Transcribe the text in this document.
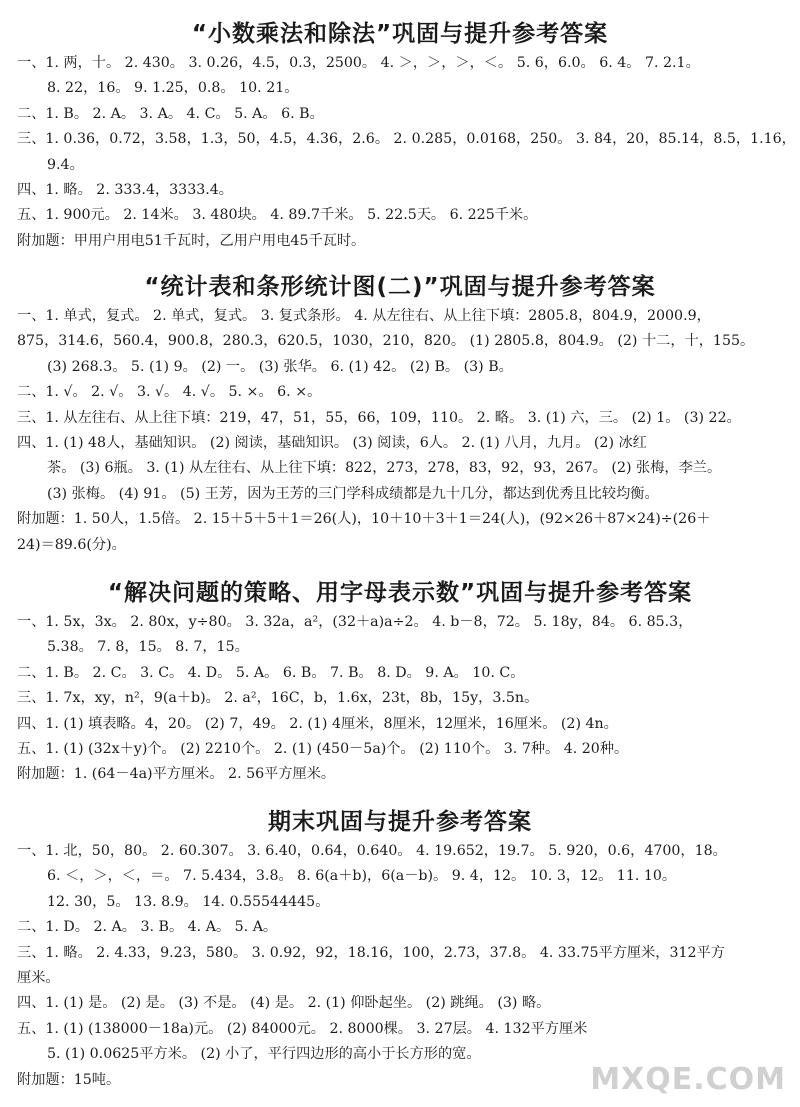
“小数乘法和除法”巩固与提升参考答案
一、1. 两，十。 2. 430。 3. 0.26，4.5，0.3，2500。 4. ＞，＞，＞，＜。 5. 6，6.0。 6. 4。 7. 2.1。
8. 22，16。 9. 1.25，0.8。 10. 21。
二、1. B。 2. A。 3. A。 4. C。 5. A。 6. B。
三、1. 0.36，0.72，3.58，1.3，50，4.5，4.36，2.6。 2. 0.285，0.0168，250。 3. 84，20，85.14，8.5，1.16，
9.4。
四、1. 略。 2. 333.4，3333.4。
五、1. 900元。 2. 14米。 3. 480块。 4. 89.7千米。 5. 22.5天。 6. 225千米。
附加题：甲用户用电51千瓦时，乙用户用电45千瓦时。
“统计表和条形统计图(二)”巩固与提升参考答案
一、1. 单式，复式。 2. 单式，复式。 3. 复式条形。 4. 从左往右、从上往下填：2805.8，804.9，2000.9，
875，314.6，560.4，900.8，280.3，620.5，1030，210，820。 (1) 2805.8，804.9。 (2) 十二，十，155。
(3) 268.3。 5. (1) 9。 (2) 一。 (3) 张华。 6. (1) 42。 (2) B。 (3) B。
二、1. √。 2. √。 3. √。 4. √。 5. ×。 6. ×。
三、1. 从左往右、从上往下填：219，47，51，55，66，109，110。 2. 略。 3. (1) 六，三。 (2) 1。 (3) 22。
四、1. (1) 48人，基础知识。 (2) 阅读，基础知识。 (3) 阅读，6人。 2. (1) 八月，九月。 (2) 冰红
茶。 (3) 6瓶。 3. (1) 从左往右、从上往下填：822，273，278，83，92，93，267。 (2) 张梅，李兰。
(3) 张梅。 (4) 91。 (5) 王芳，因为王芳的三门学科成绩都是九十几分，都达到优秀且比较均衡。
附加题：1. 50人，1.5倍。 2. 15＋5＋5＋1＝26(人)，10＋10＋3＋1＝24(人)，(92×26＋87×24)÷(26＋
24)＝89.6(分)。
“解决问题的策略、用字母表示数”巩固与提升参考答案
一、1. 5x，3x。 2. 80x，y÷80。 3. 32a，a²，(32＋a)a÷2。 4. b－8，72。 5. 18y，84。 6. 85.3，
5.38。 7. 8，15。 8. 7，15。
二、1. B。 2. C。 3. C。 4. D。 5. A。 6. B。 7. B。 8. D。 9. A。 10. C。
三、1. 7x，xy，n²，9(a＋b)。 2. a²，16C，b，1.6x，23t，8b，15y，3.5n。
四、1. (1) 填表略。4，20。 (2) 7，49。 2. (1) 4厘米，8厘米，12厘米，16厘米。 (2) 4n。
五、1. (1) (32x＋y)个。 (2) 2210个。 2. (1) (450－5a)个。 (2) 110个。 3. 7种。 4. 20种。
附加题：1. (64－4a)平方厘米。 2. 56平方厘米。
期末巩固与提升参考答案
一、1. 北，50，80。 2. 60.307。 3. 6.40，0.64，0.640。 4. 19.652，19.7。 5. 920，0.6，4700，18。
6. ＜，＞，＜，＝。 7. 5.434，3.8。 8. 6(a＋b)，6(a－b)。 9. 4，12。 10. 3，12。 11. 10。
12. 30，5。 13. 8.9。 14. 0.55544445。
二、1. D。 2. A。 3. B。 4. A。 5. A。
三、1. 略。 2. 4.33，9.23，580。 3. 0.92，92，18.16，100，2.73，37.8。 4. 33.75平方厘米，312平方
厘米。
四、1. (1) 是。 (2) 是。 (3) 不是。 (4) 是。 2. (1) 仰卧起坐。 (2) 跳绳。 (3) 略。
五、1. (1) (138000－18a)元。 (2) 84000元。 2. 8000棵。 3. 27层。 4. 132平方厘米
5. (1) 0.0625平方米。 (2) 小了，平行四边形的高小于长方形的宽。
附加题：15吨。	MXQE.COM
